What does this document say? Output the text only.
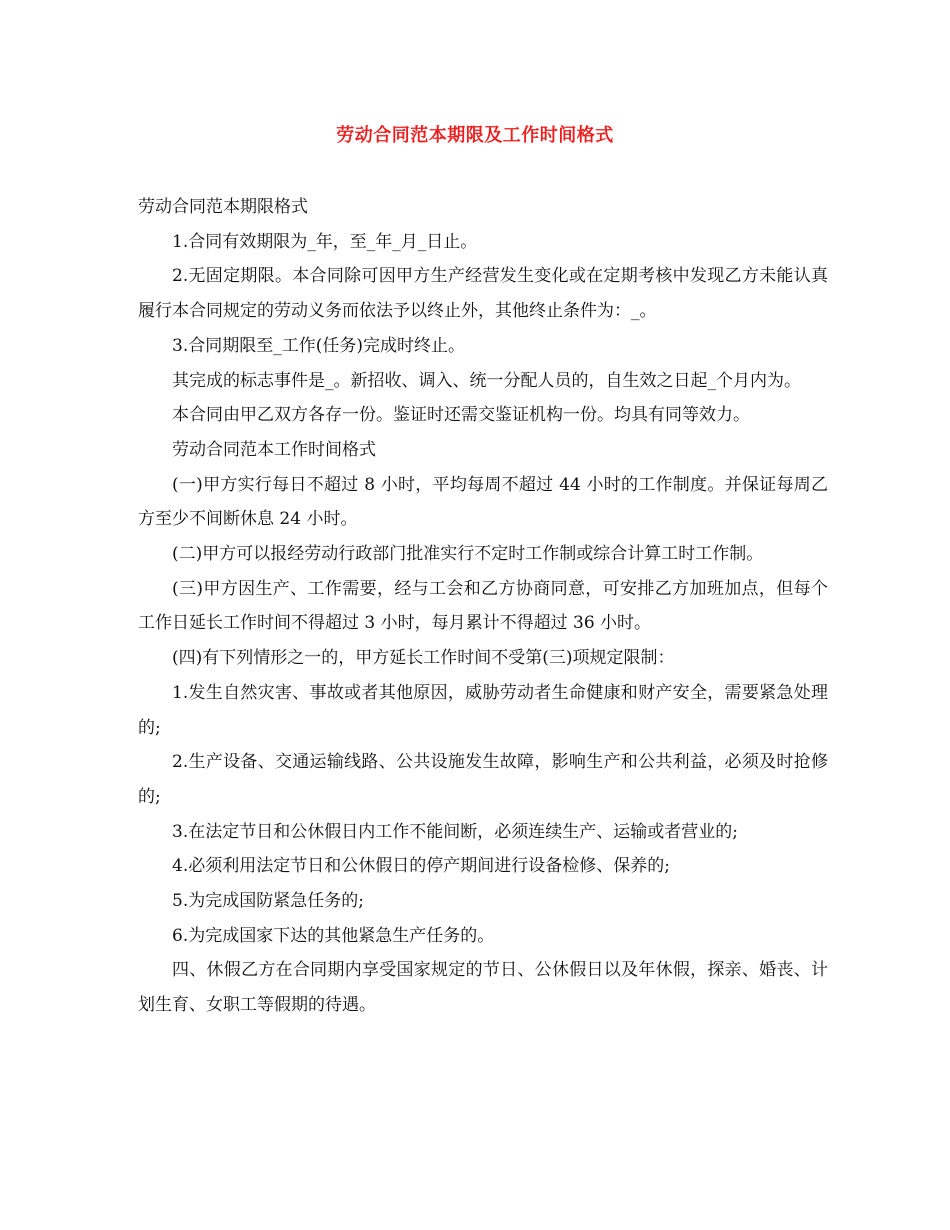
劳动合同范本期限及工作时间格式

劳动合同范本期限格式

1.合同有效期限为_年，至_年_月_日止。

2.无固定期限。本合同除可因甲方生产经营发生变化或在定期考核中发现乙方未能认真履行本合同规定的劳动义务而依法予以终止外，其他终止条件为：_。

3.合同期限至_工作(任务)完成时终止。

其完成的标志事件是_。新招收、调入、统一分配人员的，自生效之日起_个月内为。

本合同由甲乙双方各存一份。鉴证时还需交鉴证机构一份。均具有同等效力。

劳动合同范本工作时间格式

(一)甲方实行每日不超过 8 小时，平均每周不超过 44 小时的工作制度。并保证每周乙方至少不间断休息 24 小时。

(二)甲方可以报经劳动行政部门批准实行不定时工作制或综合计算工时工作制。

(三)甲方因生产、工作需要，经与工会和乙方协商同意，可安排乙方加班加点，但每个工作日延长工作时间不得超过 3 小时，每月累计不得超过 36 小时。

(四)有下列情形之一的，甲方延长工作时间不受第(三)项规定限制：

1.发生自然灾害、事故或者其他原因，威胁劳动者生命健康和财产安全，需要紧急处理的;

2.生产设备、交通运输线路、公共设施发生故障，影响生产和公共利益，必须及时抢修的;

3.在法定节日和公休假日内工作不能间断，必须连续生产、运输或者营业的;

4.必须利用法定节日和公休假日的停产期间进行设备检修、保养的;

5.为完成国防紧急任务的;

6.为完成国家下达的其他紧急生产任务的。

四、休假乙方在合同期内享受国家规定的节日、公休假日以及年休假，探亲、婚丧、计划生育、女职工等假期的待遇。
